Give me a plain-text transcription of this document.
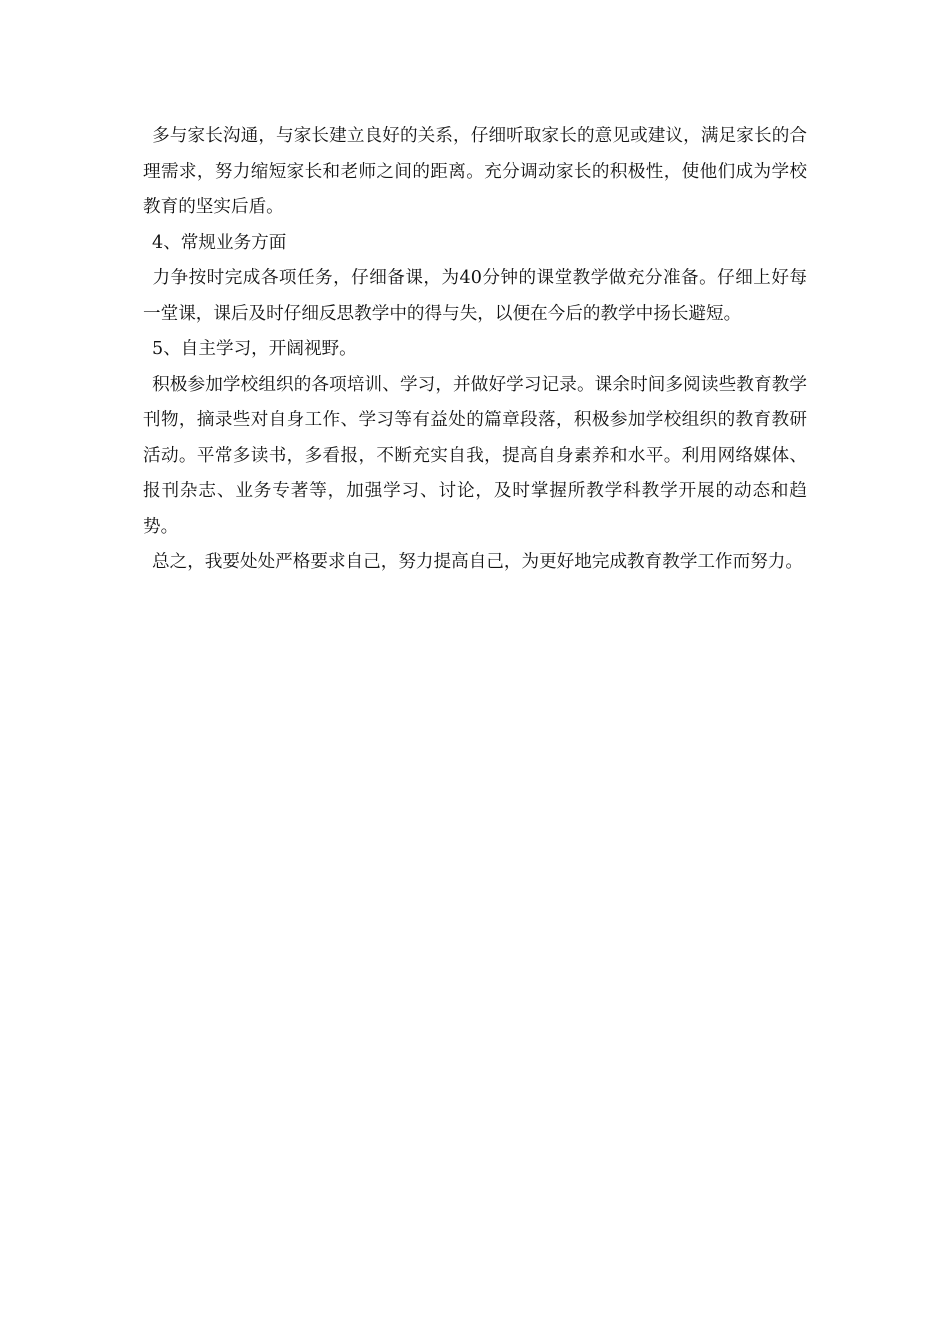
多与家长沟通，与家长建立良好的关系，仔细听取家长的意见或建议，满足家长的合理需求，努力缩短家长和老师之间的距离。充分调动家长的积极性，使他们成为学校教育的坚实后盾。

4、常规业务方面

力争按时完成各项任务，仔细备课，为40分钟的课堂教学做充分准备。仔细上好每一堂课，课后及时仔细反思教学中的得与失，以便在今后的教学中扬长避短。

5、自主学习，开阔视野。

积极参加学校组织的各项培训、学习，并做好学习记录。课余时间多阅读些教育教学刊物，摘录些对自身工作、学习等有益处的篇章段落，积极参加学校组织的教育教研活动。平常多读书，多看报，不断充实自我，提高自身素养和水平。利用网络媒体、报刊杂志、业务专著等，加强学习、讨论，及时掌握所教学科教学开展的动态和趋势。

总之，我要处处严格要求自己，努力提高自己，为更好地完成教育教学工作而努力。
